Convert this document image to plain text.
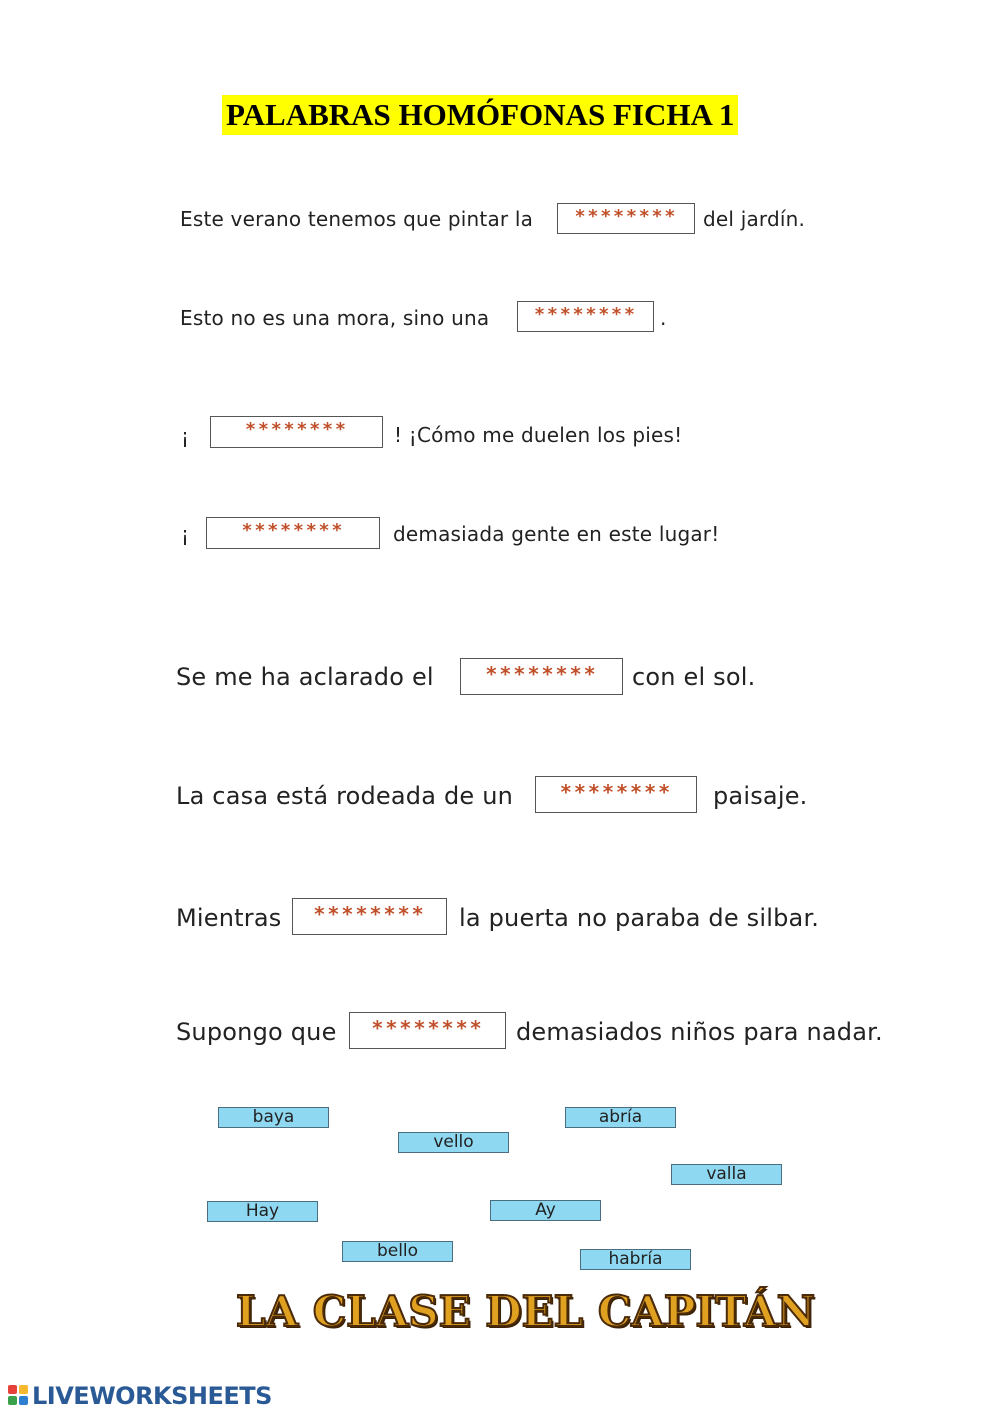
PALABRAS HOMÓFONAS FICHA 1
Este verano tenemos que pintar la	********	del jardín.
Esto no es una mora, sino una	********	.
¡	********	! ¡Cómo me duelen los pies!
¡	********	demasiada gente en este lugar!
Se me ha aclarado el	********	con el sol.
La casa está rodeada de un	********	paisaje.
Mientras	********	la puerta no paraba de silbar.
Supongo que	********	demasiados niños para nadar.
baya
vello
abría
valla
Hay	Ay
bello	habría
LA CLASE DEL CAPITÁN
LIVEWORKSHEETS
